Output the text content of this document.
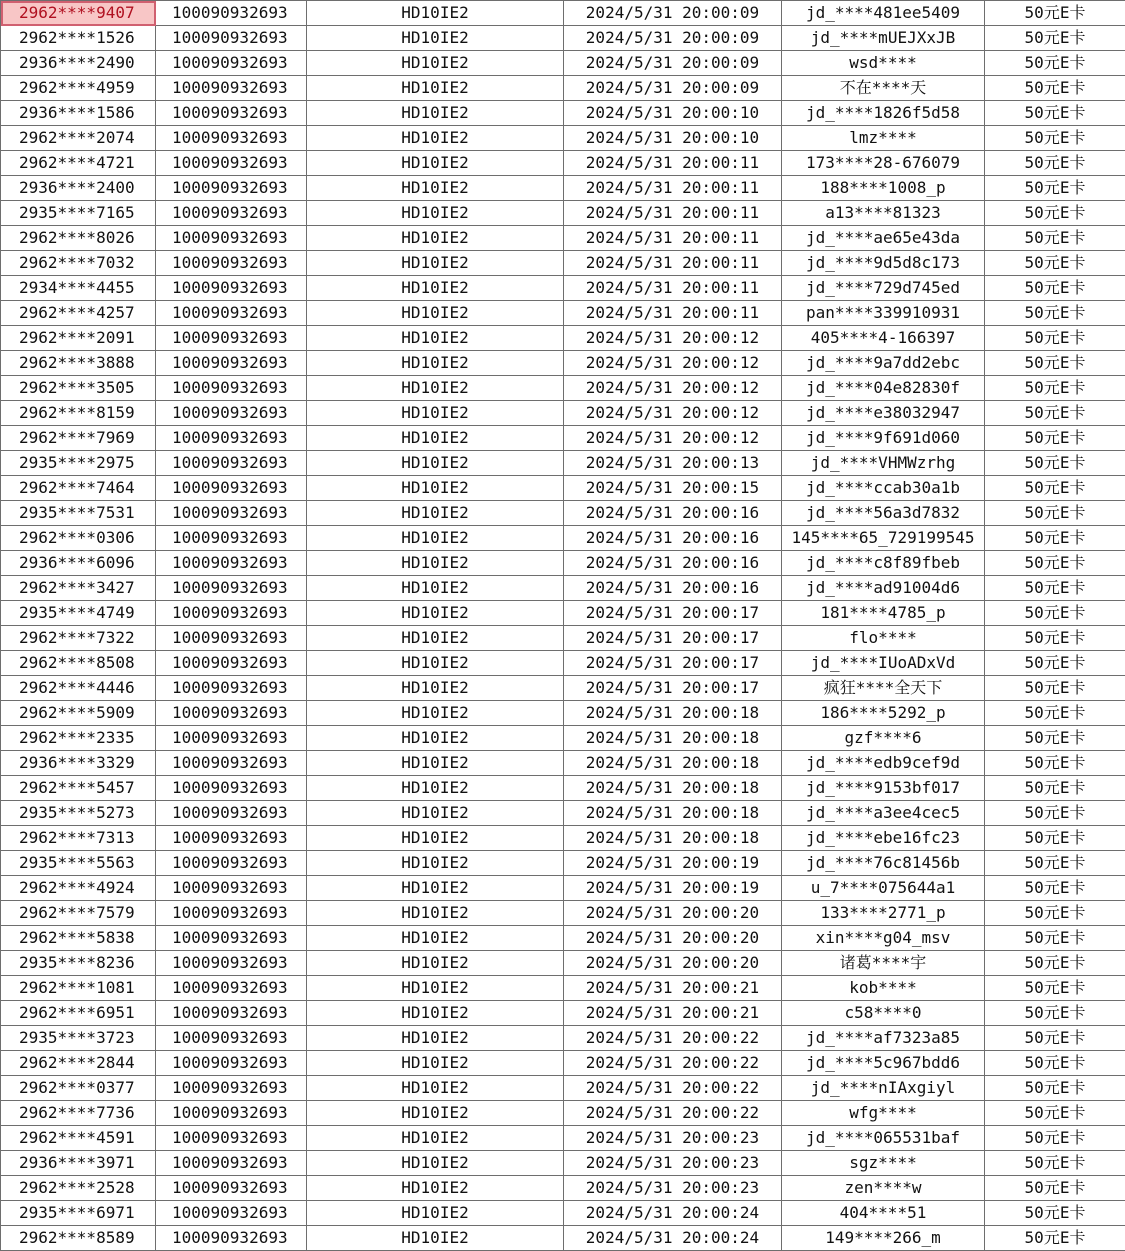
2962****9407	100090932693	HD10IE2	2024/5/31 20:00:09	jd_****481ee5409	50元E卡
2962****1526	100090932693	HD10IE2	2024/5/31 20:00:09	jd_****mUEJXxJB	50元E卡
2936****2490	100090932693	HD10IE2	2024/5/31 20:00:09	wsd****	50元E卡
2962****4959	100090932693	HD10IE2	2024/5/31 20:00:09	不在****天	50元E卡
2936****1586	100090932693	HD10IE2	2024/5/31 20:00:10	jd_****1826f5d58	50元E卡
2962****2074	100090932693	HD10IE2	2024/5/31 20:00:10	lmz****	50元E卡
2962****4721	100090932693	HD10IE2	2024/5/31 20:00:11	173****28-676079	50元E卡
2936****2400	100090932693	HD10IE2	2024/5/31 20:00:11	188****1008_p	50元E卡
2935****7165	100090932693	HD10IE2	2024/5/31 20:00:11	a13****81323	50元E卡
2962****8026	100090932693	HD10IE2	2024/5/31 20:00:11	jd_****ae65e43da	50元E卡
2962****7032	100090932693	HD10IE2	2024/5/31 20:00:11	jd_****9d5d8c173	50元E卡
2934****4455	100090932693	HD10IE2	2024/5/31 20:00:11	jd_****729d745ed	50元E卡
2962****4257	100090932693	HD10IE2	2024/5/31 20:00:11	pan****339910931	50元E卡
2962****2091	100090932693	HD10IE2	2024/5/31 20:00:12	405****4-166397	50元E卡
2962****3888	100090932693	HD10IE2	2024/5/31 20:00:12	jd_****9a7dd2ebc	50元E卡
2962****3505	100090932693	HD10IE2	2024/5/31 20:00:12	jd_****04e82830f	50元E卡
2962****8159	100090932693	HD10IE2	2024/5/31 20:00:12	jd_****e38032947	50元E卡
2962****7969	100090932693	HD10IE2	2024/5/31 20:00:12	jd_****9f691d060	50元E卡
2935****2975	100090932693	HD10IE2	2024/5/31 20:00:13	jd_****VHMWzrhg	50元E卡
2962****7464	100090932693	HD10IE2	2024/5/31 20:00:15	jd_****ccab30a1b	50元E卡
2935****7531	100090932693	HD10IE2	2024/5/31 20:00:16	jd_****56a3d7832	50元E卡
2962****0306	100090932693	HD10IE2	2024/5/31 20:00:16	145****65_729199545	50元E卡
2936****6096	100090932693	HD10IE2	2024/5/31 20:00:16	jd_****c8f89fbeb	50元E卡
2962****3427	100090932693	HD10IE2	2024/5/31 20:00:16	jd_****ad91004d6	50元E卡
2935****4749	100090932693	HD10IE2	2024/5/31 20:00:17	181****4785_p	50元E卡
2962****7322	100090932693	HD10IE2	2024/5/31 20:00:17	flo****	50元E卡
2962****8508	100090932693	HD10IE2	2024/5/31 20:00:17	jd_****IUoADxVd	50元E卡
2962****4446	100090932693	HD10IE2	2024/5/31 20:00:17	疯狂****全天下	50元E卡
2962****5909	100090932693	HD10IE2	2024/5/31 20:00:18	186****5292_p	50元E卡
2962****2335	100090932693	HD10IE2	2024/5/31 20:00:18	gzf****6	50元E卡
2936****3329	100090932693	HD10IE2	2024/5/31 20:00:18	jd_****edb9cef9d	50元E卡
2962****5457	100090932693	HD10IE2	2024/5/31 20:00:18	jd_****9153bf017	50元E卡
2935****5273	100090932693	HD10IE2	2024/5/31 20:00:18	jd_****a3ee4cec5	50元E卡
2962****7313	100090932693	HD10IE2	2024/5/31 20:00:18	jd_****ebe16fc23	50元E卡
2935****5563	100090932693	HD10IE2	2024/5/31 20:00:19	jd_****76c81456b	50元E卡
2962****4924	100090932693	HD10IE2	2024/5/31 20:00:19	u_7****075644a1	50元E卡
2962****7579	100090932693	HD10IE2	2024/5/31 20:00:20	133****2771_p	50元E卡
2962****5838	100090932693	HD10IE2	2024/5/31 20:00:20	xin****g04_msv	50元E卡
2935****8236	100090932693	HD10IE2	2024/5/31 20:00:20	诸葛****宇	50元E卡
2962****1081	100090932693	HD10IE2	2024/5/31 20:00:21	kob****	50元E卡
2962****6951	100090932693	HD10IE2	2024/5/31 20:00:21	c58****0	50元E卡
2935****3723	100090932693	HD10IE2	2024/5/31 20:00:22	jd_****af7323a85	50元E卡
2962****2844	100090932693	HD10IE2	2024/5/31 20:00:22	jd_****5c967bdd6	50元E卡
2962****0377	100090932693	HD10IE2	2024/5/31 20:00:22	jd_****nIAxgiyl	50元E卡
2962****7736	100090932693	HD10IE2	2024/5/31 20:00:22	wfg****	50元E卡
2962****4591	100090932693	HD10IE2	2024/5/31 20:00:23	jd_****065531baf	50元E卡
2936****3971	100090932693	HD10IE2	2024/5/31 20:00:23	sgz****	50元E卡
2962****2528	100090932693	HD10IE2	2024/5/31 20:00:23	zen****w	50元E卡
2935****6971	100090932693	HD10IE2	2024/5/31 20:00:24	404****51	50元E卡
2962****8589	100090932693	HD10IE2	2024/5/31 20:00:24	149****266_m	50元E卡
